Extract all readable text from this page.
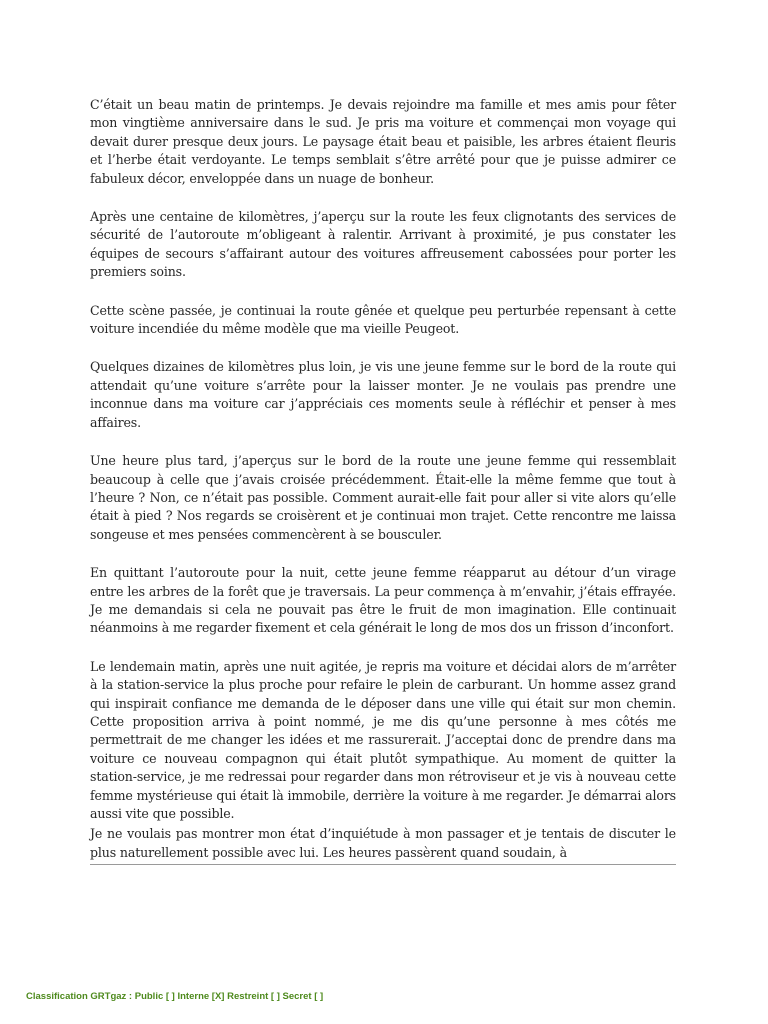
C’était un beau matin de printemps. Je devais rejoindre ma famille et mes amis pour fêter mon vingtième anniversaire dans le sud. Je pris ma voiture et commençai mon voyage qui devait durer presque deux jours. Le paysage était beau et paisible, les arbres étaient fleuris et l’herbe était verdoyante. Le temps semblait s’être arrêté pour que je puisse admirer ce fabuleux décor, enveloppée dans un nuage de bonheur.

Après une centaine de kilomètres, j’aperçu sur la route les feux clignotants des services de sécurité de l’autoroute m’obligeant à ralentir. Arrivant à proximité, je pus constater les équipes de secours s’affairant autour des voitures affreusement cabossées pour porter les premiers soins.

Cette scène passée, je continuai la route gênée et quelque peu perturbée repensant à cette voiture incendiée du même modèle que ma vieille Peugeot.

Quelques dizaines de kilomètres plus loin, je vis une jeune femme sur le bord de la route qui attendait qu’une voiture s’arrête pour la laisser monter. Je ne voulais pas prendre une inconnue dans ma voiture car j’appréciais ces moments seule à réfléchir et penser à mes affaires.

Une heure plus tard, j’aperçus sur le bord de la route une jeune femme qui ressemblait beaucoup à celle que j’avais croisée précédemment. Était-elle la même femme que tout à l’heure ? Non, ce n’était pas possible. Comment aurait-elle fait pour aller si vite alors qu’elle était à pied ? Nos regards se croisèrent et je continuai mon trajet. Cette rencontre me laissa songeuse et mes pensées commencèrent à se bousculer.

En quittant l’autoroute pour la nuit, cette jeune femme réapparut au détour d’un virage entre les arbres de la forêt que je traversais. La peur commença à m’envahir, j’étais effrayée. Je me demandais si cela ne pouvait pas être le fruit de mon imagination. Elle continuait néanmoins à me regarder fixement et cela générait le long de mos dos un frisson d’inconfort.

Le lendemain matin, après une nuit agitée, je repris ma voiture et décidai alors de m’arrêter à la station-service la plus proche pour refaire le plein de carburant. Un homme assez grand qui inspirait confiance me demanda de le déposer dans une ville qui était sur mon chemin. Cette proposition arriva à point nommé, je me dis qu’une personne à mes côtés me permettrait de me changer les idées et me rassurerait. J’acceptai donc de prendre dans ma voiture ce nouveau compagnon qui était plutôt sympathique. Au moment de quitter la station-service, je me redressai pour regarder dans mon rétroviseur et je vis à nouveau cette femme mystérieuse qui était là immobile, derrière la voiture à me regarder. Je démarrai alors aussi vite que possible.

Je ne voulais pas montrer mon état d’inquiétude à mon passager et je tentais de discuter le plus naturellement possible avec lui. Les heures passèrent quand soudain, à

Classification GRTgaz : Public [ ] Interne [X] Restreint [ ] Secret [ ]
